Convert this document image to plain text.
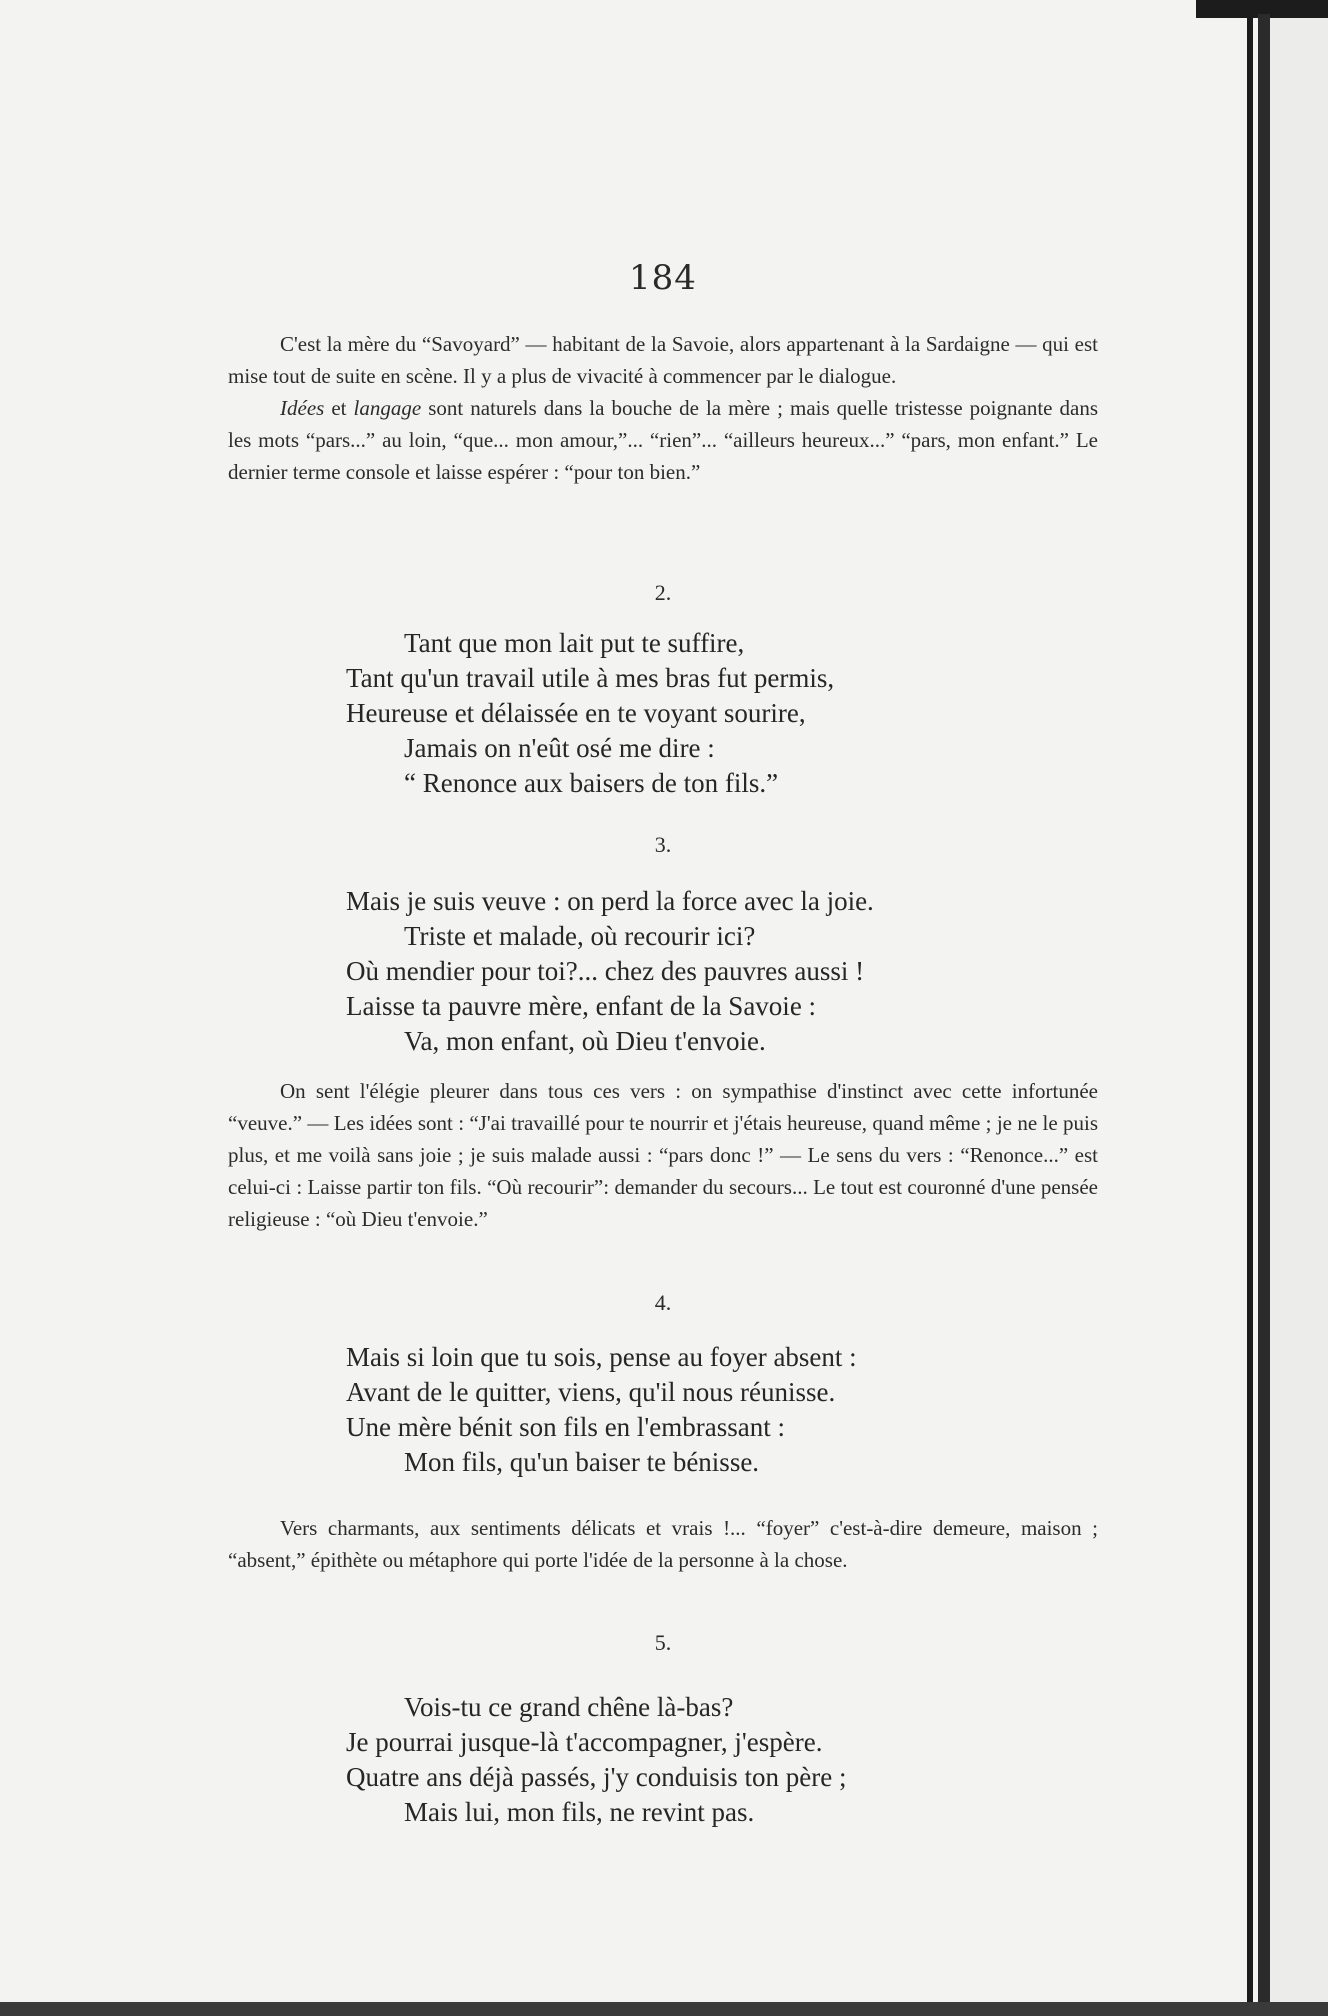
184

C'est la mère du “Savoyard” — habitant de la Savoie, alors appartenant à la Sardaigne — qui est mise tout de suite en scène. Il y a plus de vivacité à commencer par le dialogue.

Idées et langage sont naturels dans la bouche de la mère ; mais quelle tristesse poignante dans les mots “pars...” au loin, “que... mon amour,”... “rien”... “ailleurs heureux...” “pars, mon enfant.” Le dernier terme console et laisse espérer : “pour ton bien.”

2.
Tant que mon lait put te suffire,
Tant qu'un travail utile à mes bras fut permis,
Heureuse et délaissée en te voyant sourire,
Jamais on n'eût osé me dire :
“ Renonce aux baisers de ton fils.”
3.
Mais je suis veuve : on perd la force avec la joie.
Triste et malade, où recourir ici?
Où mendier pour toi?... chez des pauvres aussi !
Laisse ta pauvre mère, enfant de la Savoie :
Va, mon enfant, où Dieu t'envoie.

On sent l'élégie pleurer dans tous ces vers : on sympathise d'instinct avec cette infortunée “veuve.” — Les idées sont : “J'ai travaillé pour te nourrir et j'étais heureuse, quand même ; je ne le puis plus, et me voilà sans joie ; je suis malade aussi : “pars donc !” — Le sens du vers : “Renonce...” est celui-ci : Laisse partir ton fils. “Où recourir”: demander du secours... Le tout est couronné d'une pensée religieuse : “où Dieu t'envoie.”

4.
Mais si loin que tu sois, pense au foyer absent :
Avant de le quitter, viens, qu'il nous réunisse.
Une mère bénit son fils en l'embrassant :
Mon fils, qu'un baiser te bénisse.

Vers charmants, aux sentiments délicats et vrais !... “foyer” c'est-à-dire demeure, maison ; “absent,” épithète ou métaphore qui porte l'idée de la personne à la chose.

5.
Vois-tu ce grand chêne là-bas?
Je pourrai jusque-là t'accompagner, j'espère.
Quatre ans déjà passés, j'y conduisis ton père ;
Mais lui, mon fils, ne revint pas.
